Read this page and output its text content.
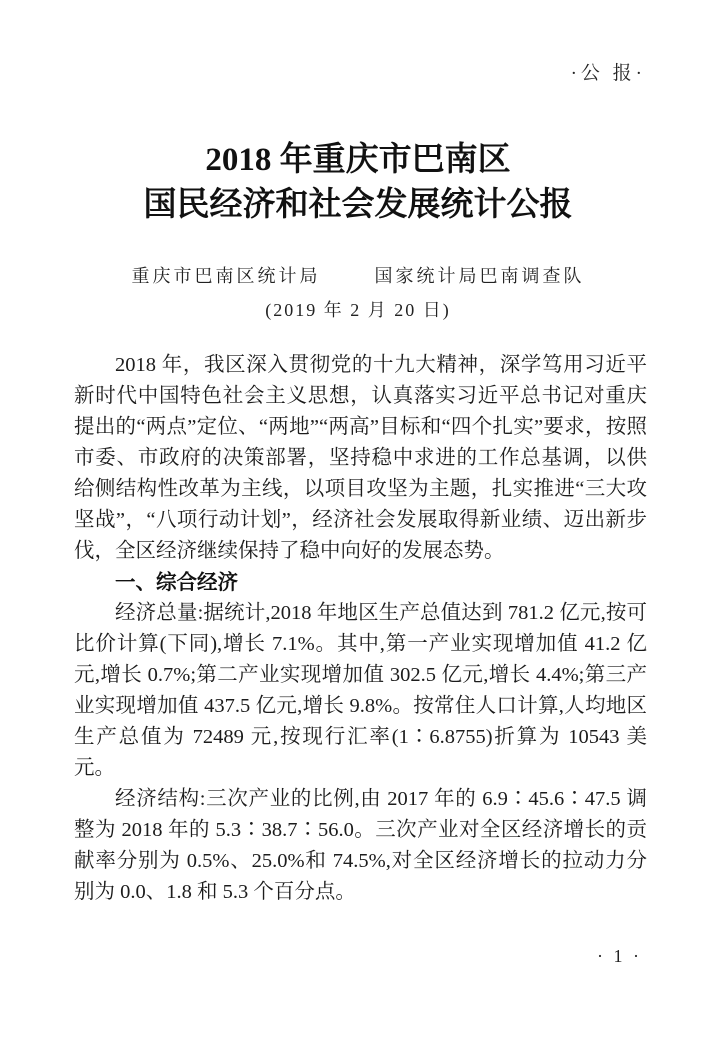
·公 报·
2018 年重庆市巴南区
国民经济和社会发展统计公报
重庆市巴南区统计局	国家统计局巴南调查队
(2019 年 2 月 20 日)

2018 年，我区深入贯彻党的十九大精神，深学笃用习近平新时代中国特色社会主义思想，认真落实习近平总书记对重庆提出的“两点”定位、“两地”“两高”目标和“四个扎实”要求，按照市委、市政府的决策部署，坚持稳中求进的工作总基调，以供给侧结构性改革为主线，以项目攻坚为主题，扎实推进“三大攻坚战”，“八项行动计划”，经济社会发展取得新业绩、迈出新步伐，全区经济继续保持了稳中向好的发展态势。

一、综合经济

经济总量:据统计,2018 年地区生产总值达到 781.2 亿元,按可比价计算(下同),增长 7.1%。其中,第一产业实现增加值 41.2 亿元,增长 0.7%;第二产业实现增加值 302.5 亿元,增长 4.4%;第三产业实现增加值 437.5 亿元,增长 9.8%。按常住人口计算,人均地区生产总值为 72489 元,按现行汇率(1∶6.8755)折算为 10543 美元。

经济结构:三次产业的比例,由 2017 年的 6.9∶45.6∶47.5 调整为 2018 年的 5.3∶38.7∶56.0。三次产业对全区经济增长的贡献率分别为 0.5%、25.0%和 74.5%,对全区经济增长的拉动力分别为 0.0、1.8 和 5.3 个百分点。

· 1 ·
